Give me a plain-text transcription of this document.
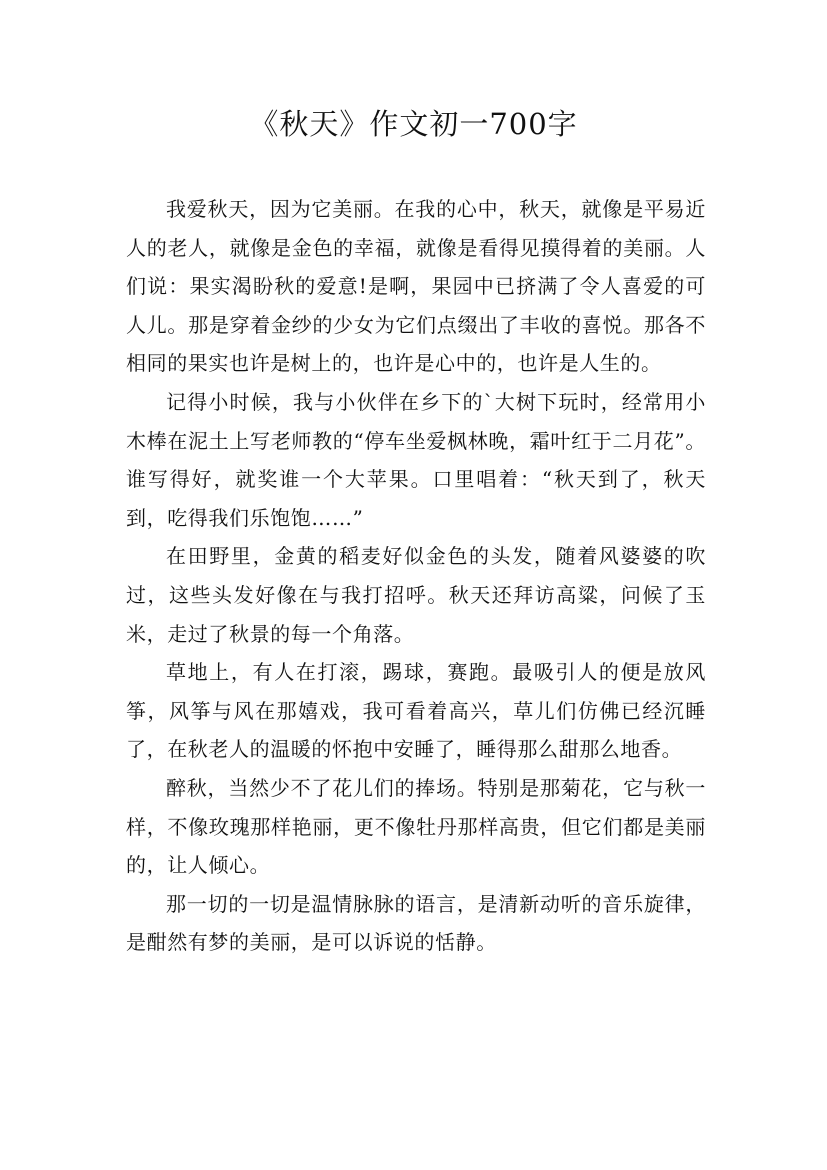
《秋天》作文初一700字

我爱秋天，因为它美丽。在我的心中，秋天，就像是平易近人的老人，就像是金色的幸福，就像是看得见摸得着的美丽。人们说：果实渴盼秋的爱意!是啊，果园中已挤满了令人喜爱的可人儿。那是穿着金纱的少女为它们点缀出了丰收的喜悦。那各不相同的果实也许是树上的，也许是心中的，也许是人生的。

记得小时候，我与小伙伴在乡下的`大树下玩时，经常用小木棒在泥土上写老师教的“停车坐爱枫林晚，霜叶红于二月花”。谁写得好，就奖谁一个大苹果。口里唱着：“秋天到了，秋天到，吃得我们乐饱饱……”

在田野里，金黄的稻麦好似金色的头发，随着风婆婆的吹过，这些头发好像在与我打招呼。秋天还拜访高粱，问候了玉米，走过了秋景的每一个角落。

草地上，有人在打滚，踢球，赛跑。最吸引人的便是放风筝，风筝与风在那嬉戏，我可看着高兴，草儿们仿佛已经沉睡了，在秋老人的温暖的怀抱中安睡了，睡得那么甜那么地香。

醉秋，当然少不了花儿们的捧场。特别是那菊花，它与秋一样，不像玫瑰那样艳丽，更不像牡丹那样高贵，但它们都是美丽的，让人倾心。

那一切的一切是温情脉脉的语言，是清新动听的音乐旋律，是酣然有梦的美丽，是可以诉说的恬静。
